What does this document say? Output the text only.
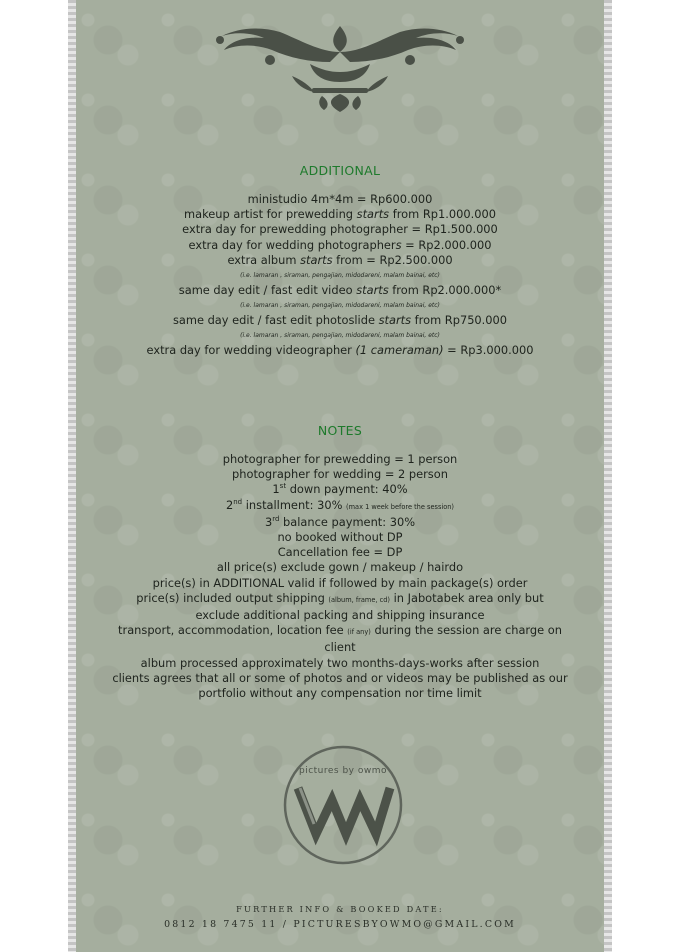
ADDITIONAL
ministudio 4m*4m = Rp600.000
makeup artist for prewedding starts from Rp1.000.000
extra day for prewedding photographer = Rp1.500.000
extra day for wedding photographers = Rp2.000.000
extra album starts from = Rp2.500.000
(i.e. lamaran , siraman, pengajian, midodareni, malam bainai, etc)
same day edit / fast edit video starts from Rp2.000.000*
(i.e. lamaran , siraman, pengajian, midodareni, malam bainai, etc)
same day edit / fast edit photoslide starts from Rp750.000
(i.e. lamaran , siraman, pengajian, midodareni, malam bainai, etc)
extra day for wedding videographer (1 cameraman) = Rp3.000.000
NOTES
photographer for prewedding = 1 person
photographer for wedding = 2 person
1st down payment: 40%
2nd installment: 30% (max 1 week before the session)
3rd balance payment: 30%
no booked without DP
Cancellation fee = DP
all price(s) exclude gown / makeup / hairdo
price(s) in ADDITIONAL valid if followed by main package(s) order
price(s) included output shipping (album, frame, cd) in Jabotabek area only but
exclude additional packing and shipping insurance
transport, accommodation, location fee (if any) during the session are charge on
client
album processed approximately two months-days-works after session
clients agrees that all or some of photos and or videos may be published as our
portfolio without any compensation nor time limit
pictures by owmo
FURTHER INFO & BOOKED DATE:
0812 18 7475 11 / PICTURESBYOWMO@GMAIL.COM
